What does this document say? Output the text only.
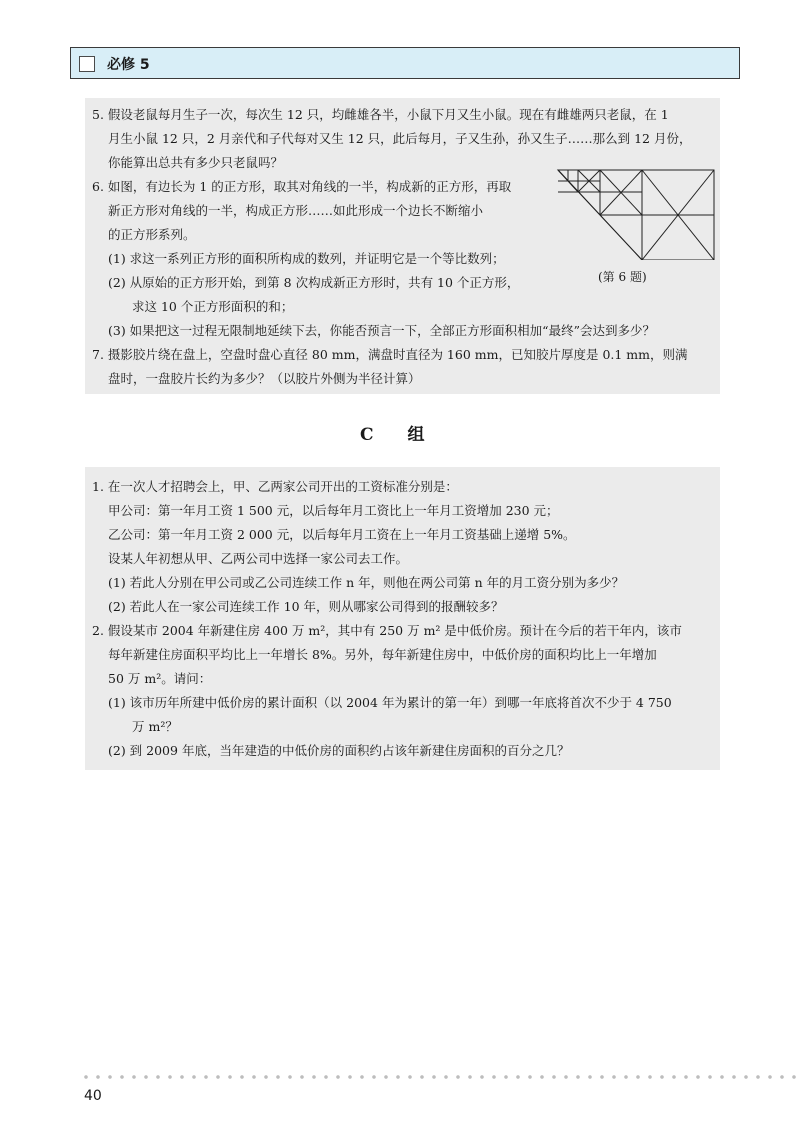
必修 5
5. 假设老鼠每月生子一次，每次生 12 只，均雌雄各半，小鼠下月又生小鼠。现在有雌雄两只老鼠，在 1
月生小鼠 12 只，2 月亲代和子代每对又生 12 只，此后每月，子又生孙，孙又生子……那么到 12 月份，
你能算出总共有多少只老鼠吗？
6. 如图，有边长为 1 的正方形，取其对角线的一半，构成新的正方形，再取
新正方形对角线的一半，构成正方形……如此形成一个边长不断缩小
的正方形系列。
(1) 求这一系列正方形的面积所构成的数列，并证明它是一个等比数列；
(2) 从原始的正方形开始，到第 8 次构成新正方形时，共有 10 个正方形，
求这 10 个正方形面积的和；
(3) 如果把这一过程无限制地延续下去，你能否预言一下，全部正方形面积相加“最终”会达到多少？
7. 摄影胶片绕在盘上，空盘时盘心直径 80 mm，满盘时直径为 160 mm，已知胶片厚度是 0.1 mm，则满
盘时，一盘胶片长约为多少？（以胶片外侧为半径计算）
(第 6 题)
C 组
1. 在一次人才招聘会上，甲、乙两家公司开出的工资标准分别是：
甲公司：第一年月工资 1 500 元，以后每年月工资比上一年月工资增加 230 元；
乙公司：第一年月工资 2 000 元，以后每年月工资在上一年月工资基础上递增 5%。
设某人年初想从甲、乙两公司中选择一家公司去工作。
(1) 若此人分别在甲公司或乙公司连续工作 n 年，则他在两公司第 n 年的月工资分别为多少？
(2) 若此人在一家公司连续工作 10 年，则从哪家公司得到的报酬较多？
2. 假设某市 2004 年新建住房 400 万 m²，其中有 250 万 m² 是中低价房。预计在今后的若干年内，该市
每年新建住房面积平均比上一年增长 8%。另外，每年新建住房中，中低价房的面积均比上一年增加
50 万 m²。请问：
(1) 该市历年所建中低价房的累计面积（以 2004 年为累计的第一年）到哪一年底将首次不少于 4 750
万 m²？
(2) 到 2009 年底，当年建造的中低价房的面积约占该年新建住房面积的百分之几？
40
